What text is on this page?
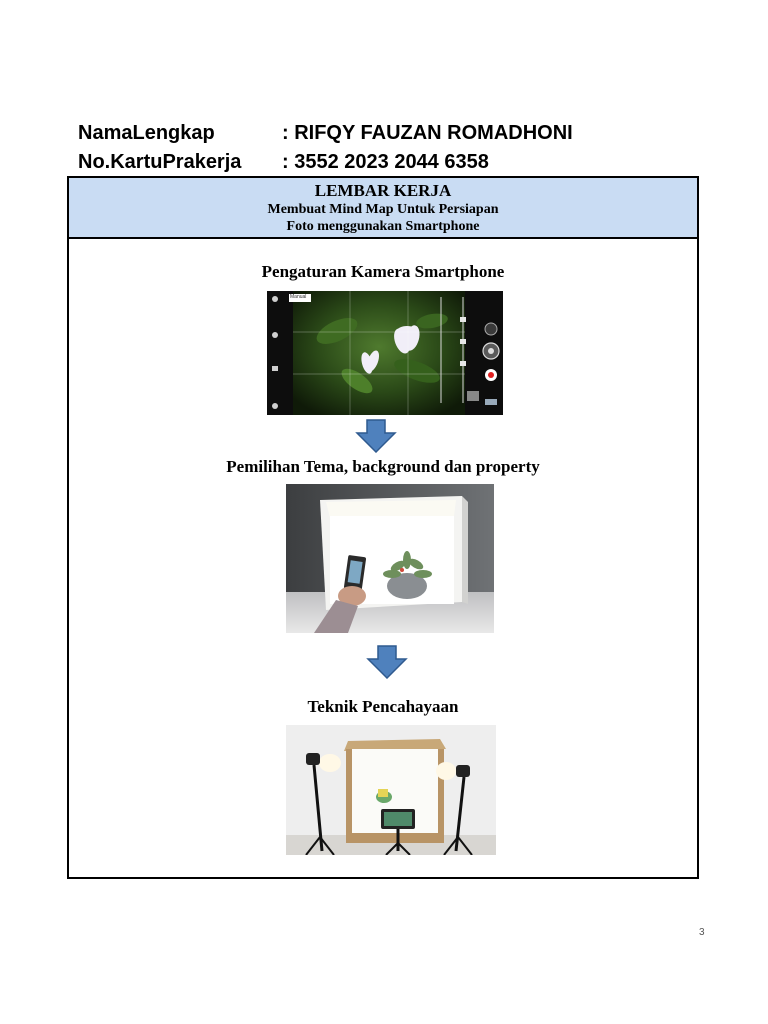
NamaLengkap	: RIFQY FAUZAN ROMADHONI
No.KartuPrakerja : 3552 2023 2044 6358
LEMBAR KERJA
Membuat Mind Map Untuk Persiapan
Foto menggunakan Smartphone
Pengaturan Kamera Smartphone
Manual
Pemilihan Tema, background dan property
Teknik Pencahayaan
3
